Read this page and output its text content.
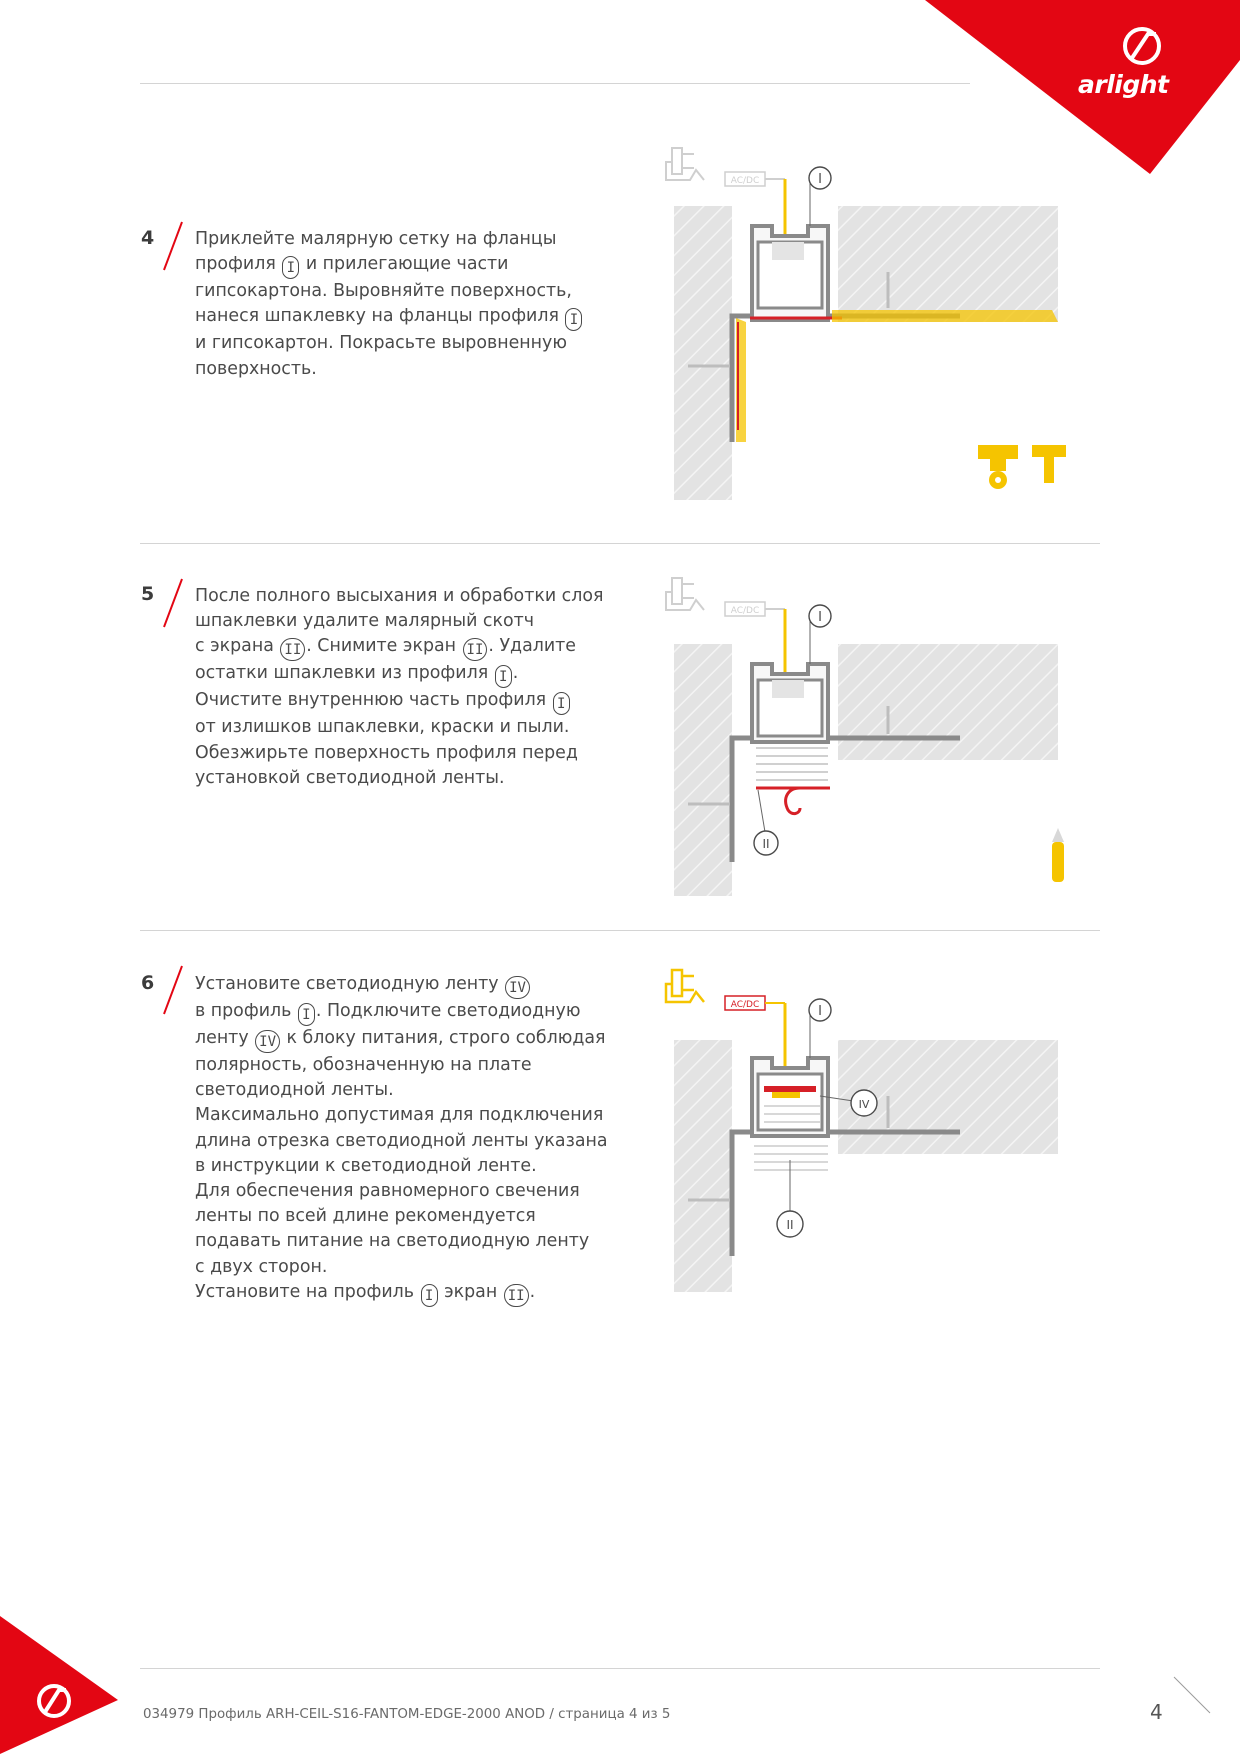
arlight
4 Приклейте малярную сетку на фланцы
профиля I и прилегающие части
гипсокартона. Выровняйте поверхность,
нанеся шпаклевку на фланцы профиля I
и гипсокартон. Покрасьте выровненную
поверхность.
AC/DC	I
5 После полного высыхания и обработки слоя
шпаклевки удалите малярный скотч
с экрана II . Снимите экран II . Удалите
остатки шпаклевки из профиля I .
Очистите внутреннюю часть профиля I
от излишков шпаклевки, краски и пыли.
Обезжирьте поверхность профиля перед
установкой светодиодной ленты.
AC/DC	I
II
6 Установите светодиодную ленту IV
в профиль I . Подключите светодиодную
ленту IV к блоку питания, строго соблюдая
полярность, обозначенную на плате
светодиодной ленты.
Максимально допустимая для подключения
длина отрезка светодиодной ленты указана
в инструкции к светодиодной ленте.
Для обеспечения равномерного свечения
ленты по всей длине рекомендуется
подавать питание на светодиодную ленту
с двух сторон.
Установите на профиль I экран II .
AC/DC	I
IV
II
034979 Профиль ARH-CEIL-S16-FANTOM-EDGE-2000 ANOD / страница 4 из 5	4
